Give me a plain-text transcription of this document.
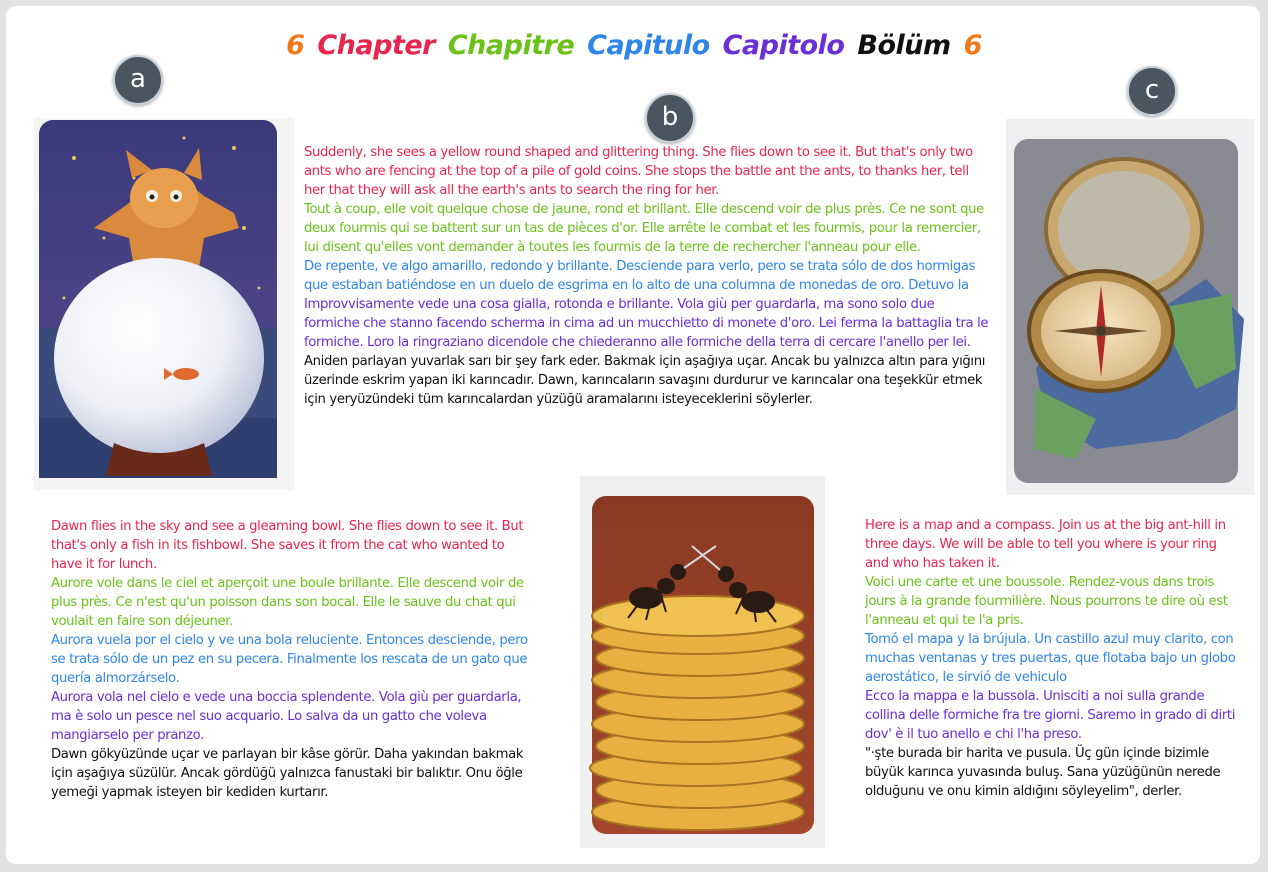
6 Chapter Chapitre Capitulo Capitolo Bölüm 6
a
b
c

Suddenly, she sees a yellow round shaped and glittering thing. She flies down to see it. But that's only two ants who are fencing at the top of a pile of gold coins. She stops the battle ant the ants, to thanks her, tell her that they will ask all the earth's ants to search the ring for her.

Tout à coup, elle voit quelque chose de jaune, rond et brillant. Elle descend voir de plus près. Ce ne sont que deux fourmis qui se battent sur un tas de pièces d'or. Elle arrête le combat et les fourmis, pour la remercier, lui disent qu'elles vont demander à toutes les fourmis de la terre de rechercher l'anneau pour elle.

De repente, ve algo amarillo, redondo y brillante. Desciende para verlo, pero se trata sólo de dos hormigas que estaban batiéndose en un duelo de esgrima en lo alto de una columna de monedas de oro. Detuvo la

Improvvisamente vede una cosa gialla, rotonda e brillante. Vola giù per guardarla, ma sono solo due formiche che stanno facendo scherma in cima ad un mucchietto di monete d'oro. Lei ferma la battaglia tra le formiche. Loro la ringraziano dicendole che chiederanno alle formiche della terra di cercare l'anello per lei.

Aniden parlayan yuvarlak sarı bir şey fark eder. Bakmak için aşağıya uçar. Ancak bu yalnızca altın para yığını üzerinde eskrim yapan iki karıncadır. Dawn, karıncaların savaşını durdurur ve karıncalar ona teşekkür etmek için yeryüzündeki tüm karıncalardan yüzüğü aramalarını isteyeceklerini söylerler.

Dawn flies in the sky and see a gleaming bowl. She flies down to see it. But that's only a fish in its fishbowl. She saves it from the cat who wanted to have it for lunch.

Aurore vole dans le ciel et aperçoit une boule brillante. Elle descend voir de plus près. Ce n'est qu'un poisson dans son bocal. Elle le sauve du chat qui voulait en faire son déjeuner.

Aurora vuela por el cielo y ve una bola reluciente. Entonces desciende, pero se trata sólo de un pez en su pecera. Finalmente los rescata de un gato que quería almorzárselo.

Aurora vola nel cielo e vede una boccia splendente. Vola giù per guardarla, ma è solo un pesce nel suo acquario. Lo salva da un gatto che voleva mangiarselo per pranzo.

Dawn gökyüzünde uçar ve parlayan bir kâse görür. Daha yakından bakmak için aşağıya süzülür. Ancak gördüğü yalnızca fanustaki bir balıktır. Onu öğle yemeği yapmak isteyen bir kediden kurtarır.

Here is a map and a compass. Join us at the big ant-hill in three days. We will be able to tell you where is your ring and who has taken it.

Voici une carte et une boussole. Rendez-vous dans trois jours à la grande fourmilière. Nous pourrons te dire où est l'anneau et qui te l'a pris.

Tomó el mapa y la brújula. Un castillo azul muy clarito, con muchas ventanas y tres puertas, que flotaba bajo un globo aerostático, le sirvió de vehiculo

Ecco la mappa e la bussola. Unisciti a noi sulla grande collina delle formiche fra tre giorni. Saremo in grado di dirti dov' è il tuo anello e chi l'ha preso.

"·şte burada bir harita ve pusula. Üç gün içinde bizimle büyük karınca yuvasında buluş. Sana yüzüğünün nerede olduğunu ve onu kimin aldığını söyleyelim", derler.
